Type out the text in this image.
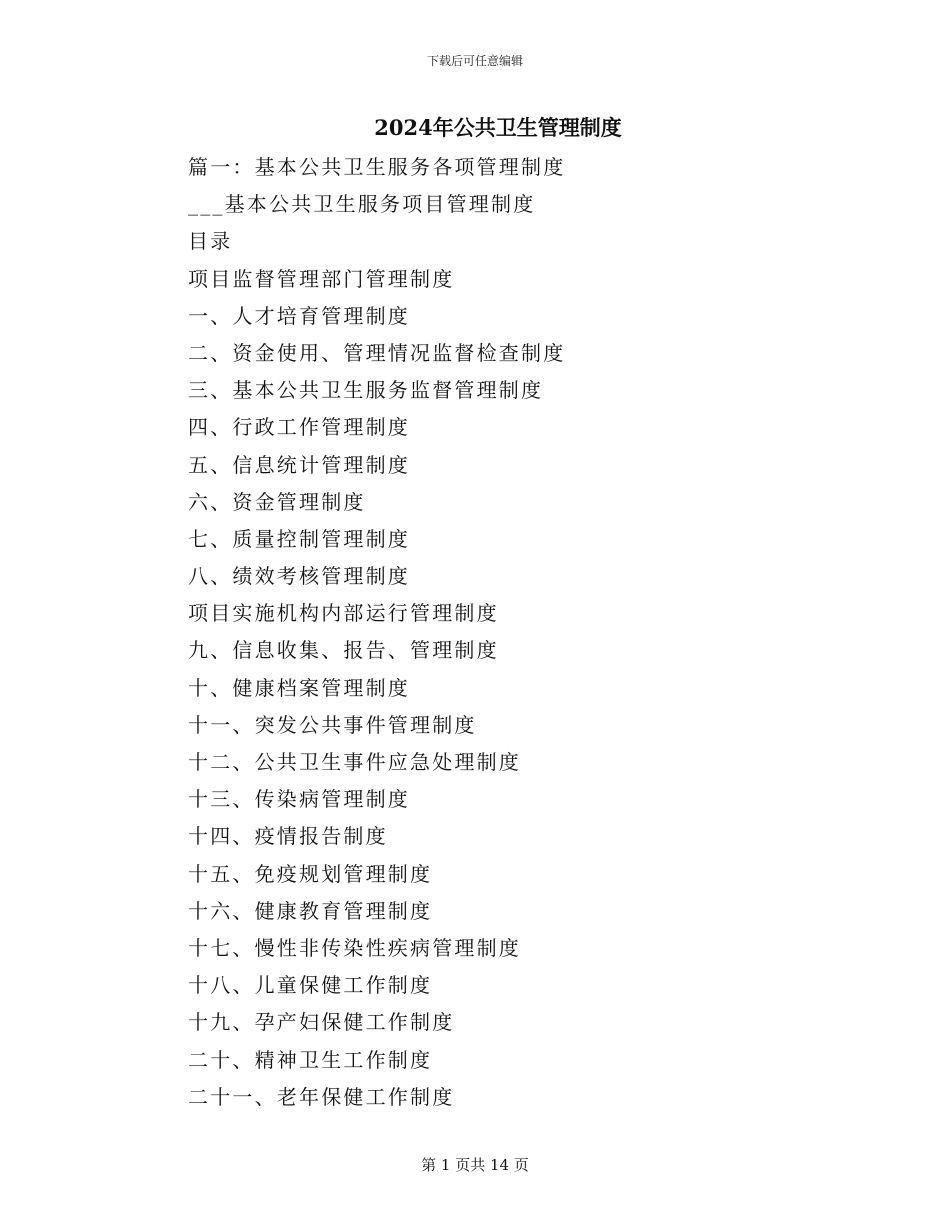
下载后可任意编辑
2024年公共卫生管理制度
篇一：基本公共卫生服务各项管理制度
___基本公共卫生服务项目管理制度
目录
项目监督管理部门管理制度
一、人才培育管理制度
二、资金使用、管理情况监督检查制度
三、基本公共卫生服务监督管理制度
四、行政工作管理制度
五、信息统计管理制度
六、资金管理制度
七、质量控制管理制度
八、绩效考核管理制度
项目实施机构内部运行管理制度
九、信息收集、报告、管理制度
十、健康档案管理制度
十一、突发公共事件管理制度
十二、公共卫生事件应急处理制度
十三、传染病管理制度
十四、疫情报告制度
十五、免疫规划管理制度
十六、健康教育管理制度
十七、慢性非传染性疾病管理制度
十八、儿童保健工作制度
十九、孕产妇保健工作制度
二十、精神卫生工作制度
二十一、老年保健工作制度
第 1 页共 14 页
